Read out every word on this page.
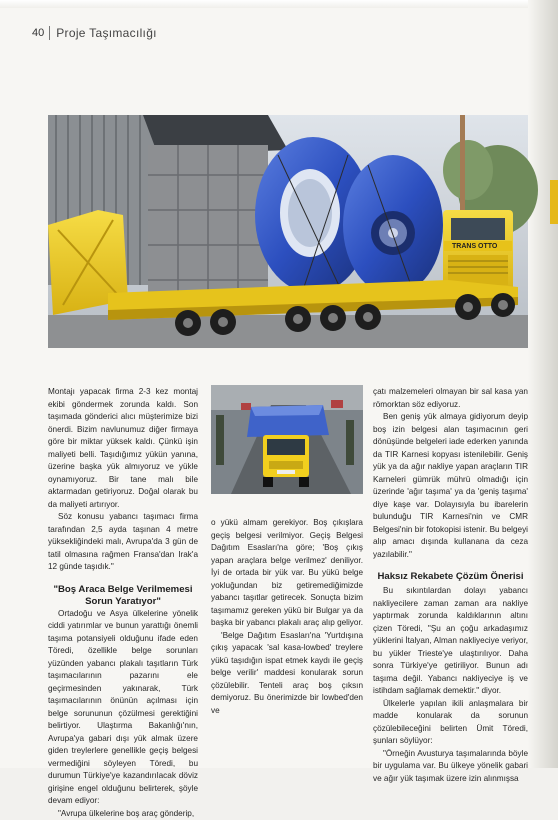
40 Proje Taşımacılığı
TRANS OTTO

Montajı yapacak firma 2-3 kez montaj ekibi göndermek zorunda kaldı. Son taşımada gönderici alıcı müşterimize bizi önerdi. Bizim navlunumuz diğer firmaya göre bir miktar yüksek kaldı. Çünkü işin maliyeti belli. Taşıdığımız yükün yanına, üzerine başka yük almıyoruz ve yükle oynamıyoruz. Bir tane malı bile aktarmadan getiriyoruz. Doğal olarak bu da maliyeti artırıyor.

Söz konusu yabancı taşımacı firma tarafından 2,5 ayda taşınan 4 metre yüksekliğindeki malı, Avrupa'da 3 gün de tatil olmasına rağmen Fransa'dan Irak'a 12 günde taşıdık."

"Boş Araca Belge Verilmemesi Sorun Yaratıyor"

Ortadoğu ve Asya ülkelerine yönelik ciddi yatırımlar ve bunun yarattığı önemli taşıma potansiyeli olduğunu ifade eden Töredi, özellikle belge sorunları yüzünden yabancı plakalı taşıtların Türk taşımacılarının pazarını ele geçirmesinden yakınarak, Türk taşımacılarının önünün açılması için belge sorununun çözülmesi gerektiğini belirtiyor. Ulaştırma Bakanlığı'nın, Avrupa'ya gabari dışı yük almak üzere giden treylerlere genellikle geçiş belgesi vermediğini söyleyen Töredi, bu durumun Türkiye'ye kazandırılacak döviz girişine engel olduğunu belirterek, şöyle devam ediyor:

"Avrupa ülkelerine boş araç gönderip,

o yükü almam gerekiyor. Boş çıkışlara geçiş belgesi verilmiyor. Geçiş Belgesi Dağıtım Esasları'na göre; 'Boş çıkış yapan araçlara belge verilmez' deniliyor. İyi de ortada bir yük var. Bu yükü belge yokluğundan biz getiremediğimizde yabancı taşıtlar getirecek. Sonuçta bizim taşımamız gereken yükü bir Bulgar ya da başka bir yabancı plakalı araç alıp geliyor.

'Belge Dağıtım Esasları'na 'Yurtdışına çıkış yapacak 'sal kasa-lowbed' treylere yükü taşıdığın ispat etmek kaydı ile geçiş belge verilir' maddesi konularak sorun çözülebilir. Tenteli araç boş çıksın demiyoruz. Bu önerimizde bir lowbed'den ve

çatı malzemeleri olmayan bir sal kasa yan römorktan söz ediyoruz.

Ben geniş yük almaya gidiyorum deyip boş izin belgesi alan taşımacının geri dönüşünde belgeleri iade ederken yanında da TIR Karnesi kopyası istenilebilir. Geniş yük ya da ağır nakliye yapan araçların TIR Karneleri gümrük mührü olmadığı için üzerinde 'ağır taşıma' ya da 'geniş taşıma' diye kaşe var. Dolayısıyla bu ibarelerin bulunduğu TIR Karnesi'nin ve CMR Belgesi'nin bir fotokopisi istenir. Bu belgeyi alıp amacı dışında kullanana da ceza yazılabilir."

Haksız Rekabete Çözüm Önerisi

Bu sıkıntılardan dolayı yabancı nakliyecilere zaman zaman ara nakliye yaptırmak zorunda kaldıklarının altını çizen Töredi, "Şu an çoğu arkadaşımız yüklerini İtalyan, Alman nakliyeciye veriyor, bu yükler Trieste'ye ulaştırılıyor. Daha sonra Türkiye'ye getiriliyor. Bunun adı taşıma değil. Yabancı nakliyeciye iş ve istihdam sağlamak demektir." diyor.

Ülkelerle yapılan ikili anlaşmalara bir madde konularak da sorunun çözülebileceğini belirten Ümit Töredi, şunları söylüyor:

"Örneğin Avusturya taşımalarında böyle bir uygulama var. Bu ülkeye yönelik gabari ve ağır yük taşımak üzere izin alınmışsa
